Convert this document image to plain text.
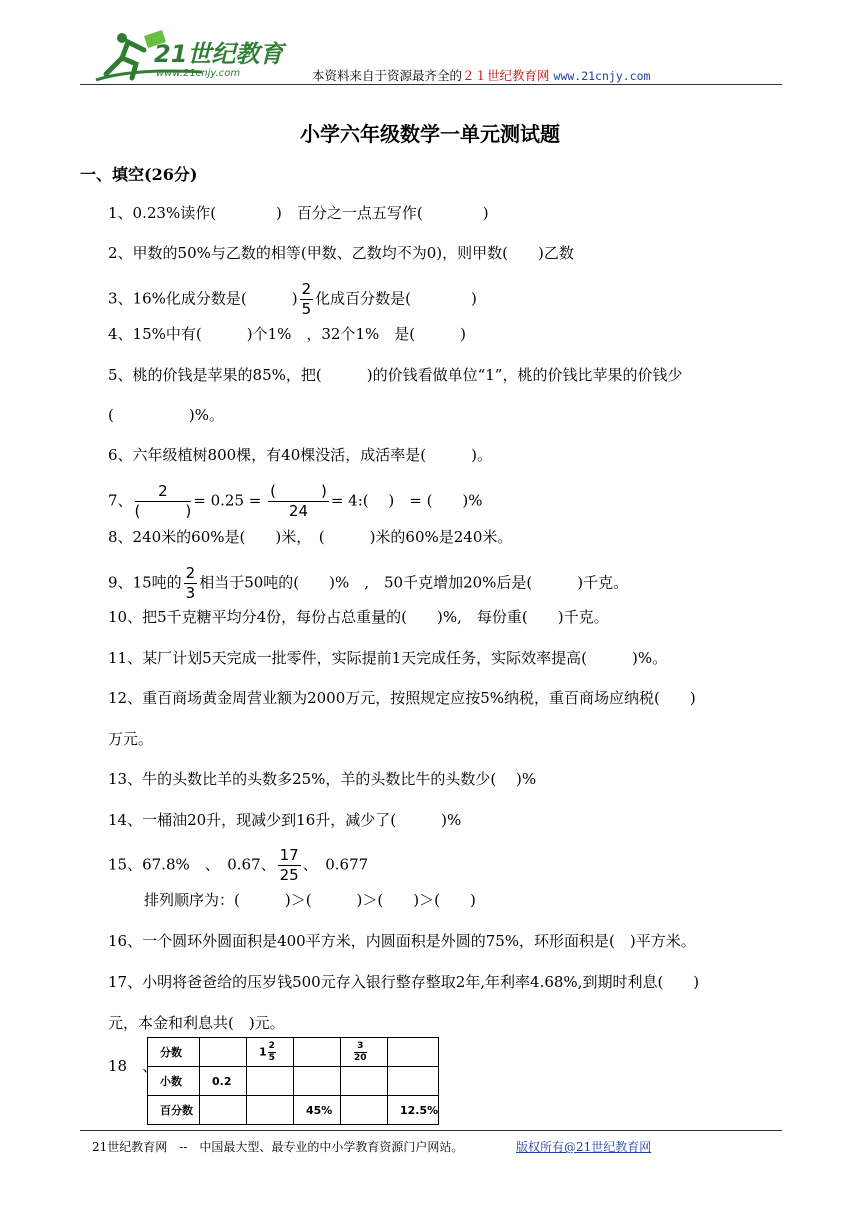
21世纪教育
www.21cnjy.com	本资料来自于资源最齐全的２１世纪教育网 www.21cnjy.com
小学六年级数学一单元测试题
一、填空(26分)
1、0.23%读作(　　　　)　百分之一点五写作(　　　　)
2、甲数的50%与乙数的相等(甲数、乙数均不为0)，则甲数(　　)乙数
3、16%化成分数是(　　　) $\frac{2}{5}$ 化成百分数是(　　　　)
4、15%中有(　　　)个1%　，32个1%　是(　　　)
5、桃的价钱是苹果的85%，把(　　　)的价钱看做单位“1”，桃的价钱比苹果的价钱少
(　　　　　)%。
6、六年级植树800棵，有40棵没活，成活率是(　　　)。
7、 $\frac{2}{( )} = 0.25 = \frac{( )}{24}$ = 4:(　 )　= (　　)%
8、240米的60%是(　　)米，　(　　　)米的60%是240米。
9、15吨的 $\frac{2}{3}$ 相当于50吨的(　　)%　,　50千克增加20%后是(　　　)千克。
10、把5千克糖平均分4份，每份占总重量的(　　)%,　每份重(　　)千克。
11、某厂计划5天完成一批零件，实际提前1天完成任务，实际效率提高(　　　)%。
12、重百商场黄金周营业额为2000万元，按照规定应按5%纳税，重百商场应纳税(　　)
万元。
13、牛的头数比羊的头数多25%，羊的头数比牛的头数少(　 )%
14、一桶油20升，现减少到16升，减少了(　　　)%
15、67.8%　、　0.67、 $\frac{17}{25}$ 、　0.677
排列顺序为：(　　　)＞(　　　)＞(　　)＞(　　)
16、一个圆环外圆面积是400平方米，内圆面积是外圆的75%，环形面积是(　)平方米。
17、小明将爸爸给的压岁钱500元存入银行整存整取2年,年利率4.68%,到期时利息(　　)
元，本金和利息共(　)元。
18　、
分数		$1 \frac{2}{5}$		$\frac{3}{20}$

小数	0.2				
百分数			45%		12.5%
21世纪教育网　--　中国最大型、最专业的中小学教育资源门户网站。	版权所有@21世纪教育网
